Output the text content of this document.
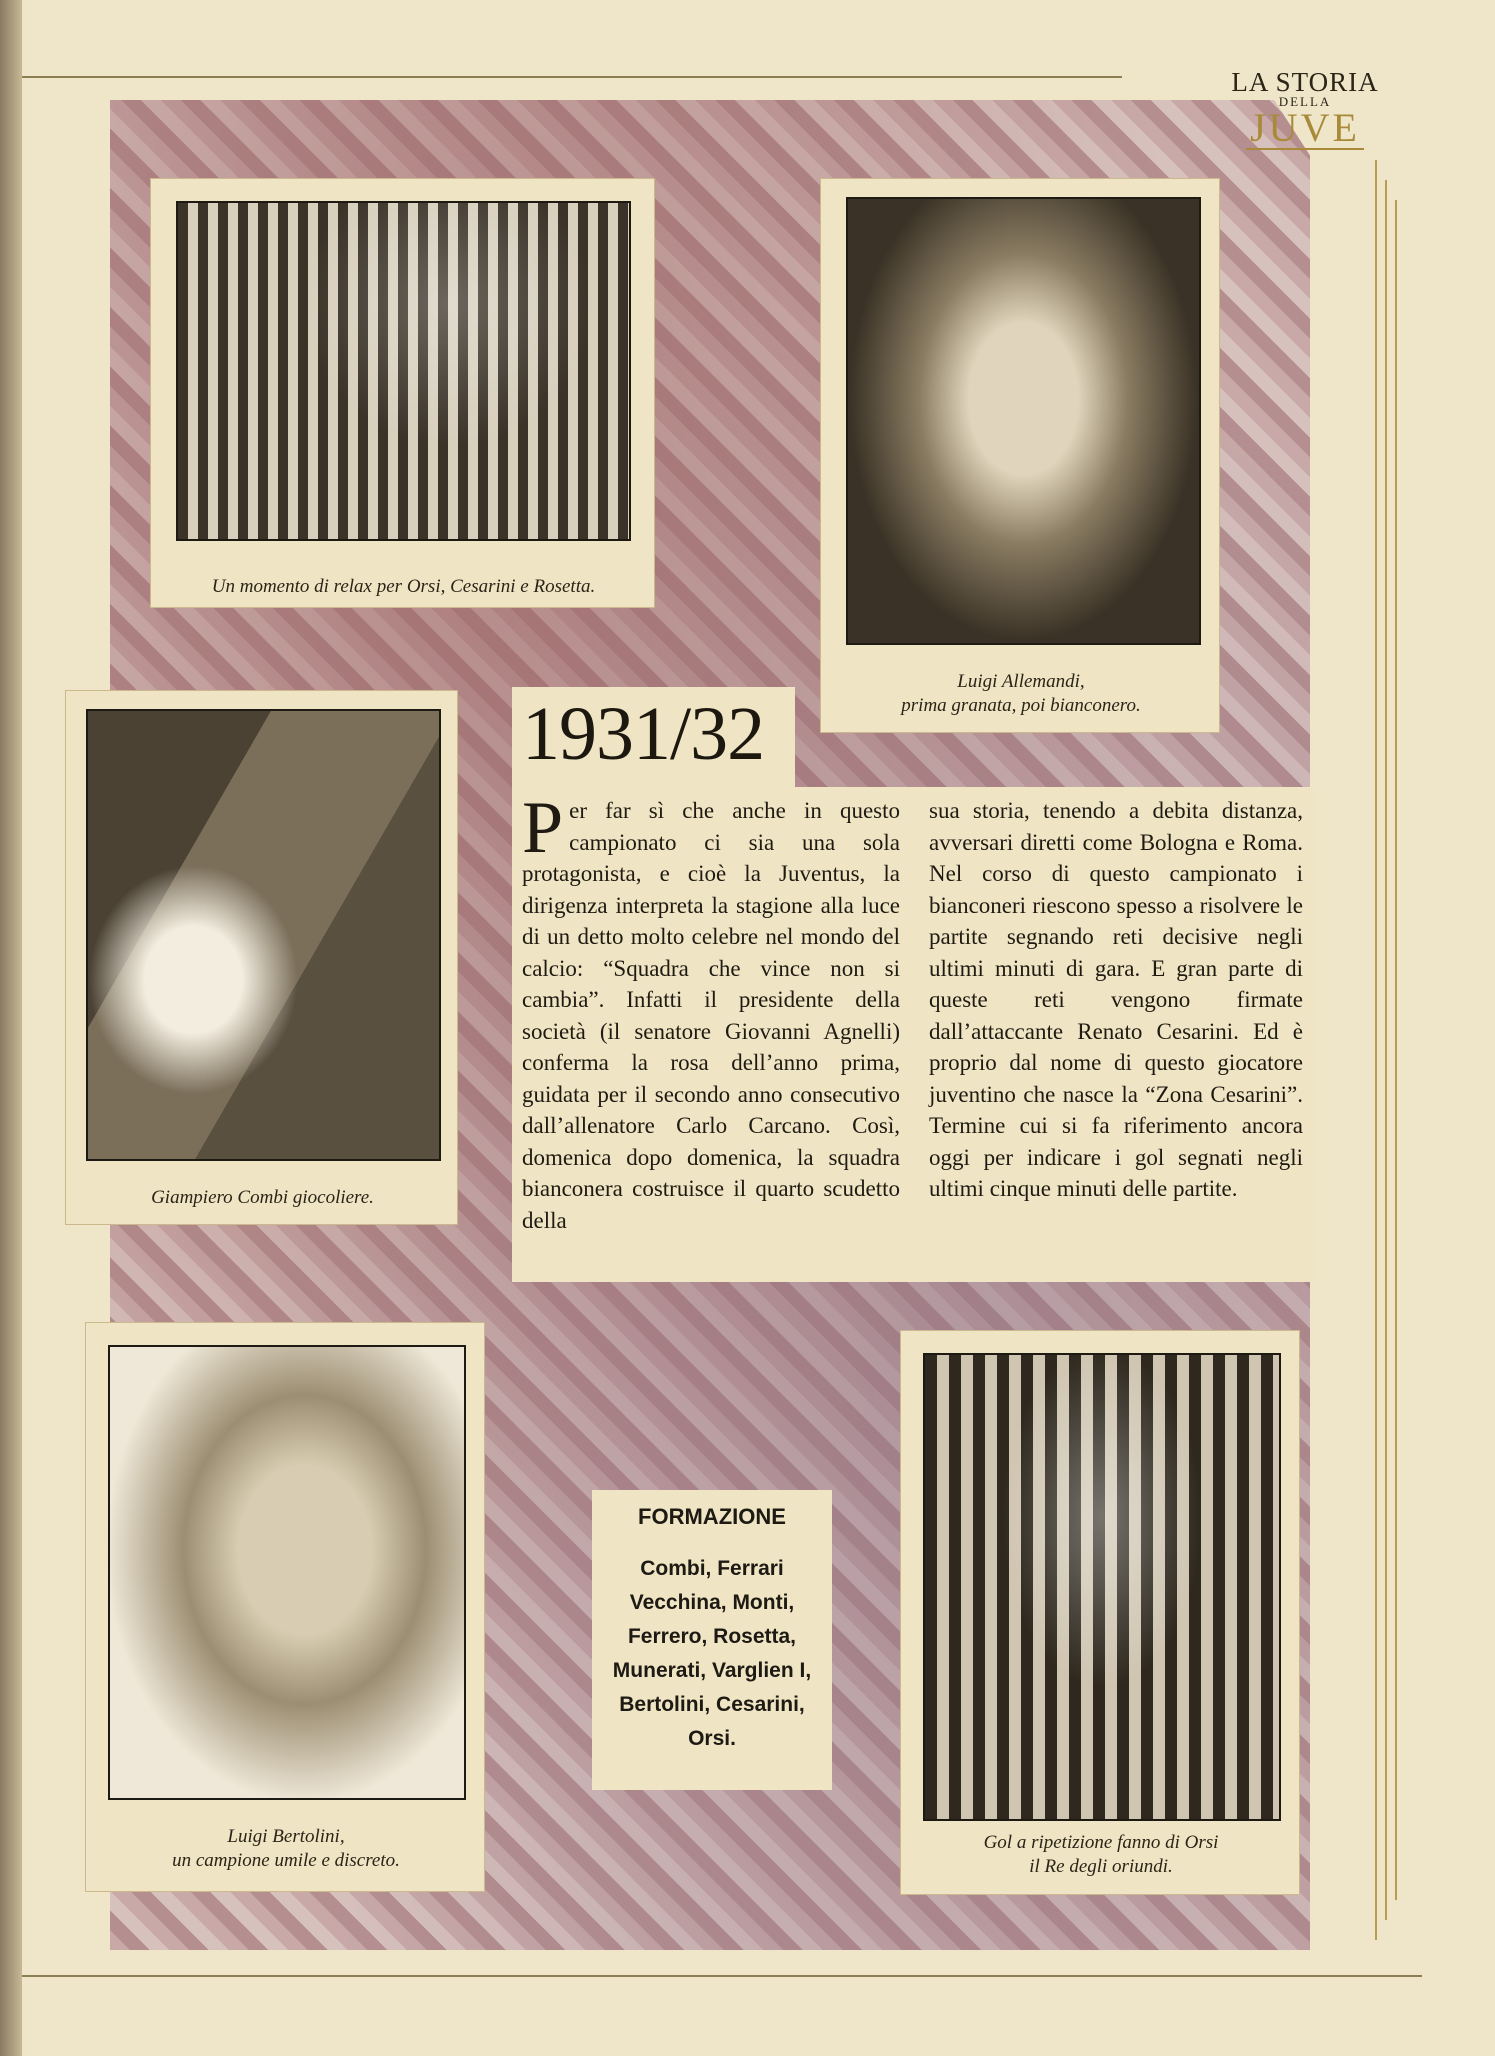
LA STORIA
DELLA
JUVE
Un momento di relax per Orsi, Cesarini e Rosetta.
Luigi Allemandi,
prima granata, poi bianconero.
Giampiero Combi giocoliere.
1931/32
Per far sì che anche in questo campionato ci sia una sola protagonista, e cioè la Juventus, la dirigenza interpreta la stagione alla luce di un detto molto celebre nel mondo del calcio: “Squadra che vince non si cambia”. Infatti il presidente della società (il senatore Giovanni Agnelli) conferma la rosa dell’anno prima, guidata per il secondo anno consecutivo dall’allenatore Carlo Carcano. Così, domenica dopo domenica, la squadra bianconera costruisce il quarto scudetto della
sua storia, tenendo a debita distanza, avversari diretti come Bologna e Roma. Nel corso di questo campionato i bianconeri riescono spesso a risolvere le partite segnando reti decisive negli ultimi minuti di gara. E gran parte di queste reti vengono firmate dall’attaccante Renato Cesarini. Ed è proprio dal nome di questo giocatore juventino che nasce la “Zona Cesarini”. Termine cui si fa riferimento ancora oggi per indicare i gol segnati negli ultimi cinque minuti delle partite.
Luigi Bertolini,
un campione umile e discreto.
FORMAZIONE
Combi, Ferrari
Vecchina, Monti,
Ferrero, Rosetta,
Munerati, Varglien I,
Bertolini, Cesarini,
Orsi.
Gol a ripetizione fanno di Orsi
il Re degli oriundi.
